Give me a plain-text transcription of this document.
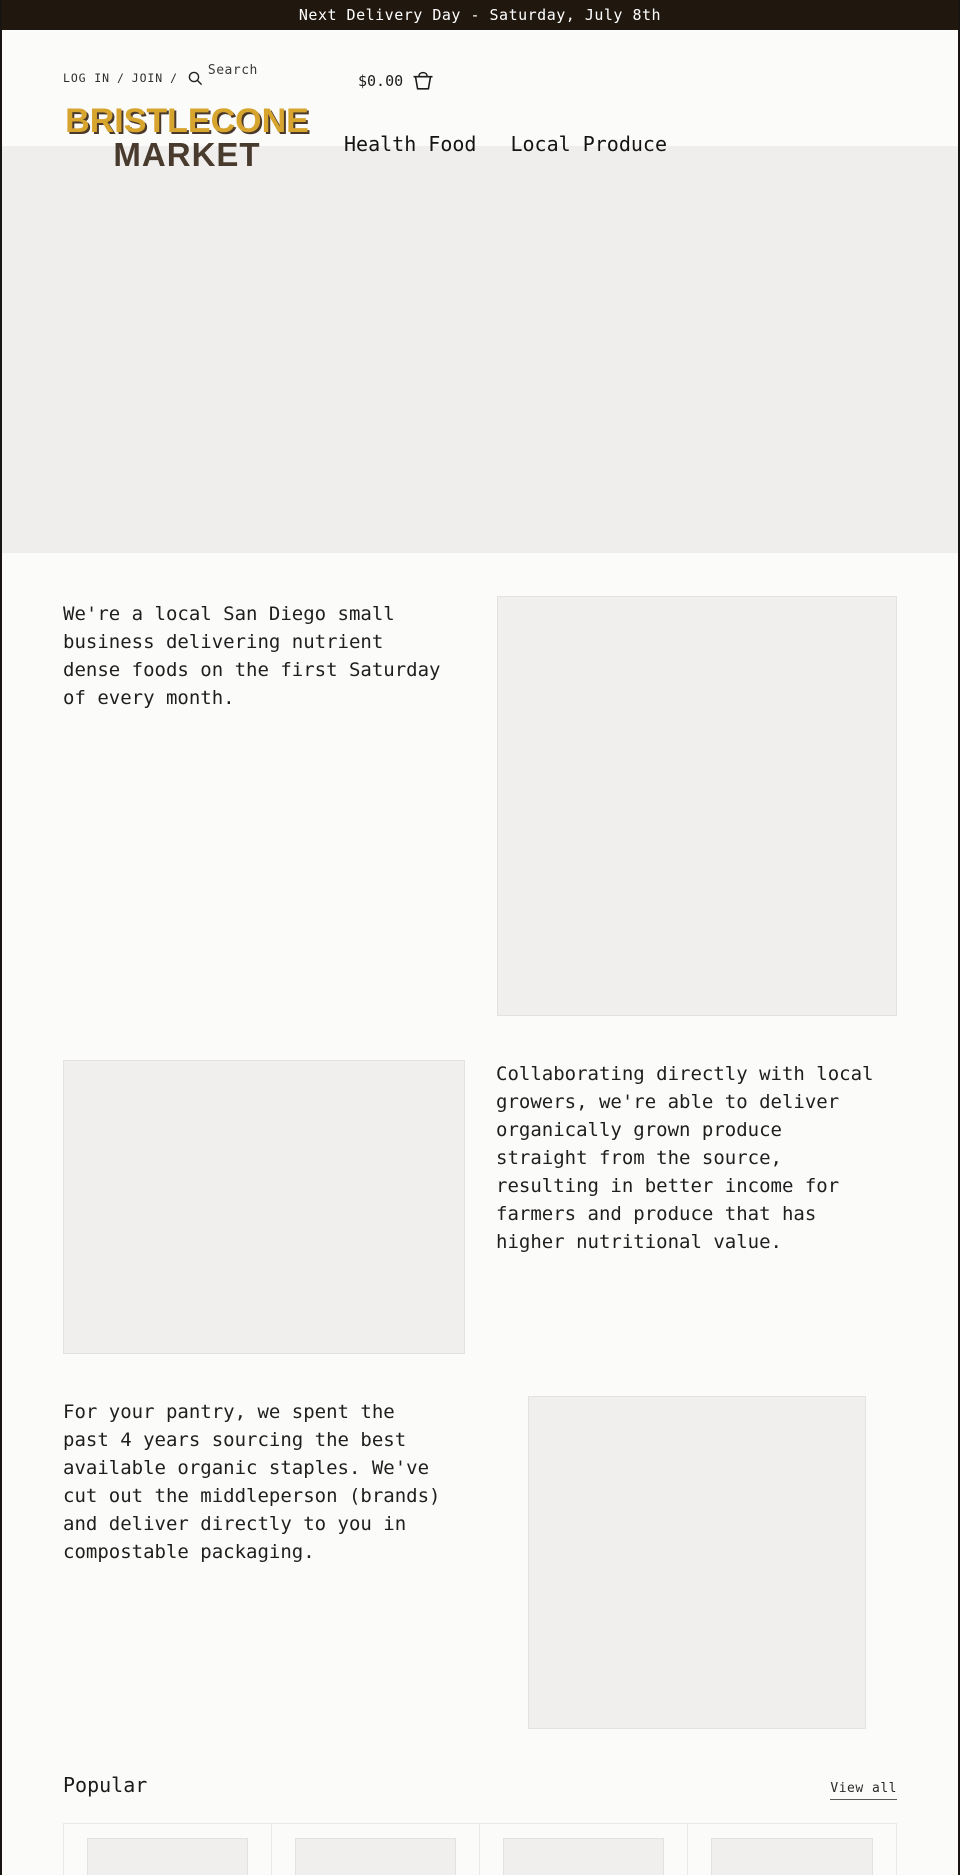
Next Delivery Day - Saturday, July 8th
LOG IN / JOIN / Search
$0.00
BRISTLECONE
MARKET	Health Food Local Produce

We're a local San Diego small business delivering nutrient dense foods on the first Saturday of every month.

Collaborating directly with local growers, we're able to deliver organically grown produce straight from the source, resulting in better income for farmers and produce that has higher nutritional value.

For your pantry, we spent the past 4 years sourcing the best available organic staples. We've cut out the middleperson (brands) and deliver directly to you in compostable packaging.

Popular	View all
